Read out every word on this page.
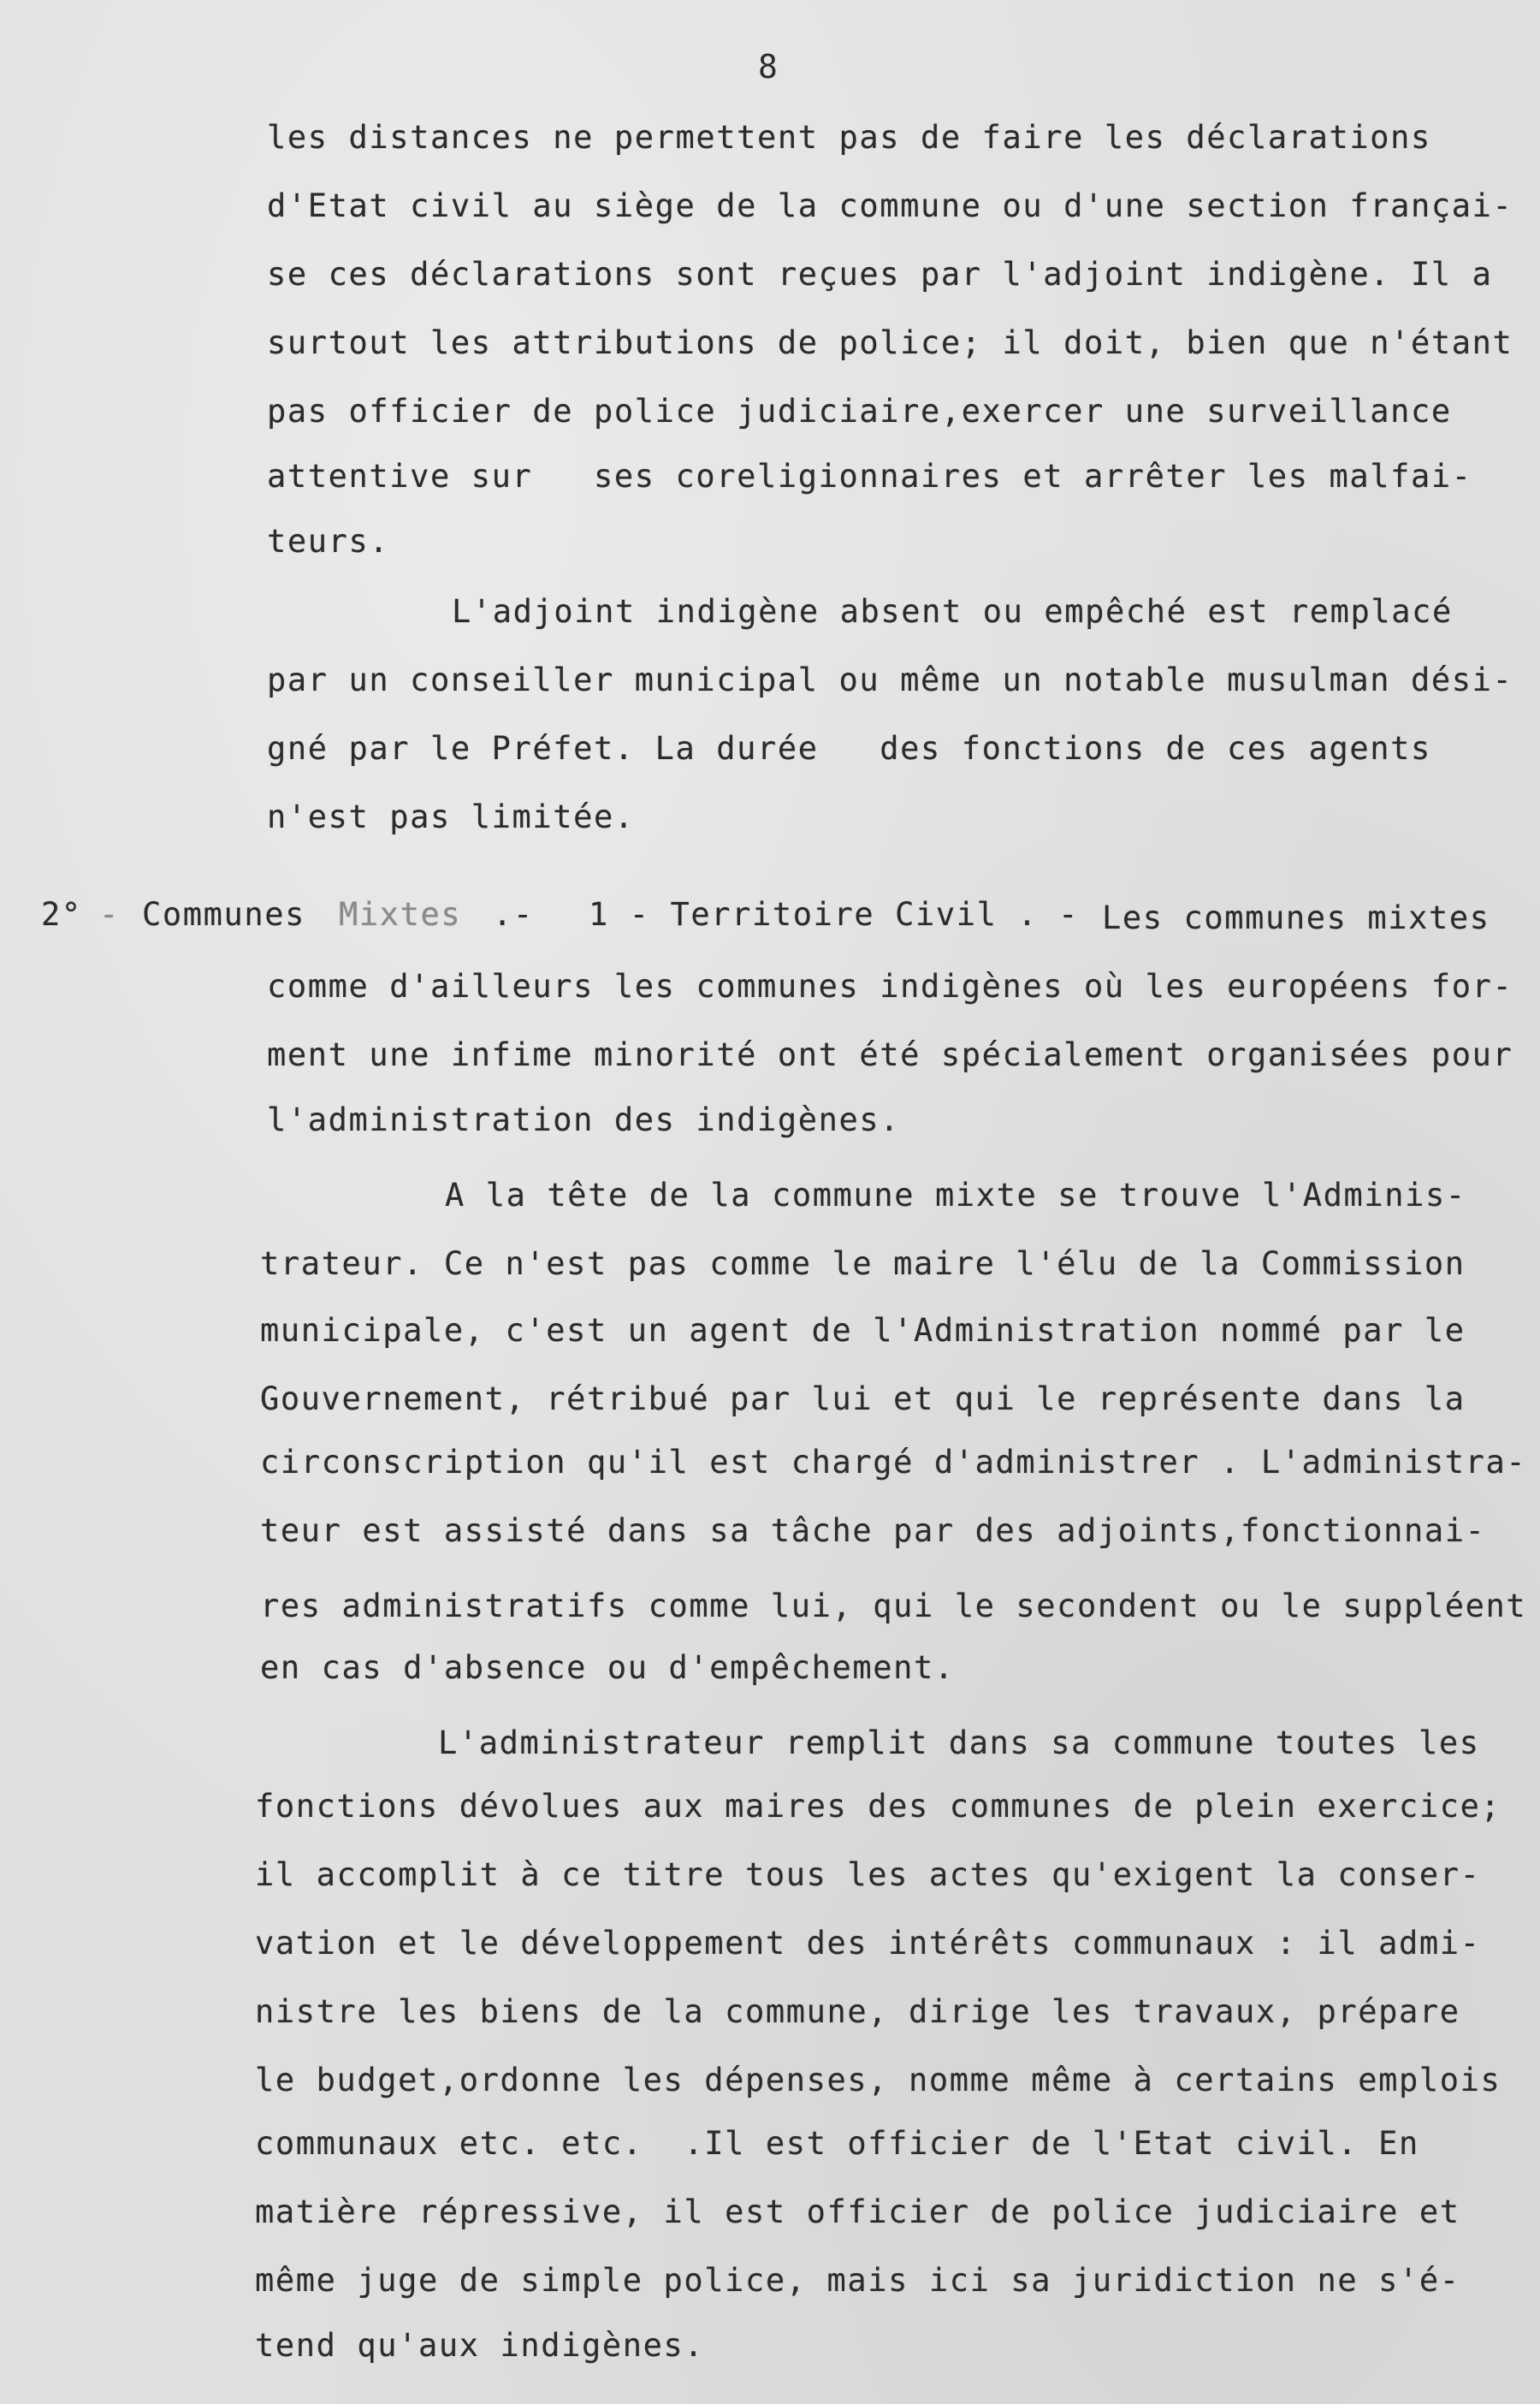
8
les distances ne permettent pas de faire les déclarations
d'Etat civil au siège de la commune ou d'une section françai-
se ces déclarations sont reçues par l'adjoint indigène. Il a
surtout les attributions de police; il doit, bien que n'étant
pas officier de police judiciaire,exercer une surveillance
attentive sur   ses coreligionnaires et arrêter les malfai-
teurs.
L'adjoint indigène absent ou empêché est remplacé
par un conseiller municipal ou même un notable musulman dési-
gné par le Préfet. La durée   des fonctions de ces agents
n'est pas limitée.
2° - Communes Mixtes .- 1 - Territoire Civil . - Les communes mixtes
comme d'ailleurs les communes indigènes où les européens for-
ment une infime minorité ont été spécialement organisées pour
l'administration des indigènes.
A la tête de la commune mixte se trouve l'Adminis-
trateur. Ce n'est pas comme le maire l'élu de la Commission
municipale, c'est un agent de l'Administration nommé par le
Gouvernement, rétribué par lui et qui le représente dans la
circonscription qu'il est chargé d'administrer . L'administra-
teur est assisté dans sa tâche par des adjoints,fonctionnai-
res administratifs comme lui, qui le secondent ou le suppléent
en cas d'absence ou d'empêchement.
L'administrateur remplit dans sa commune toutes les
fonctions dévolues aux maires des communes de plein exercice;
il accomplit à ce titre tous les actes qu'exigent la conser-
vation et le développement des intérêts communaux : il admi-
nistre les biens de la commune, dirige les travaux, prépare
le budget,ordonne les dépenses, nomme même à certains emplois
communaux etc. etc.  .Il est officier de l'Etat civil. En
matière répressive, il est officier de police judiciaire et
même juge de simple police, mais ici sa juridiction ne s'é-
tend qu'aux indigènes.
